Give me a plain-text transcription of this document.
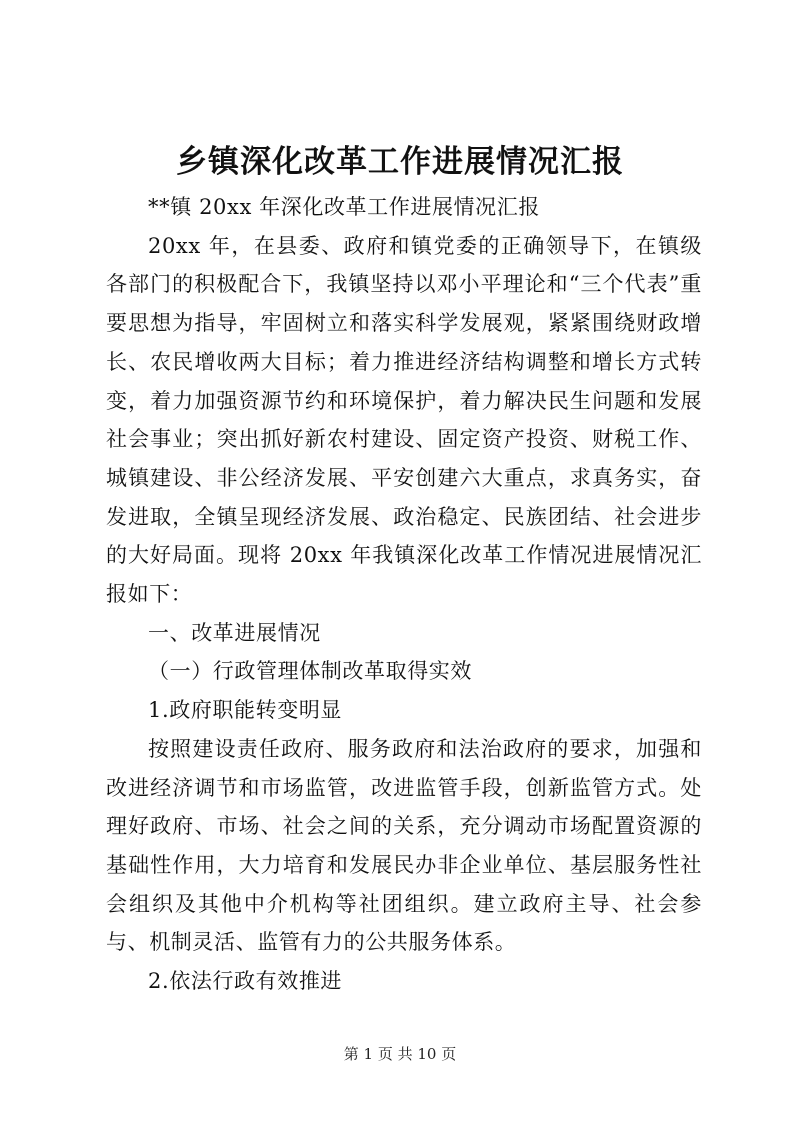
乡镇深化改革工作进展情况汇报

**镇 20xx 年深化改革工作进展情况汇报

20xx 年，在县委、政府和镇党委的正确领导下，在镇级各部门的积极配合下，我镇坚持以邓小平理论和“三个代表”重要思想为指导，牢固树立和落实科学发展观，紧紧围绕财政增长、农民增收两大目标；着力推进经济结构调整和增长方式转变，着力加强资源节约和环境保护，着力解决民生问题和发展社会事业；突出抓好新农村建设、固定资产投资、财税工作、城镇建设、非公经济发展、平安创建六大重点，求真务实，奋发进取，全镇呈现经济发展、政治稳定、民族团结、社会进步的大好局面。现将 20xx 年我镇深化改革工作情况进展情况汇报如下：

一、改革进展情况

（一）行政管理体制改革取得实效

1.政府职能转变明显

按照建设责任政府、服务政府和法治政府的要求，加强和改进经济调节和市场监管，改进监管手段，创新监管方式。处理好政府、市场、社会之间的关系，充分调动市场配置资源的基础性作用，大力培育和发展民办非企业单位、基层服务性社会组织及其他中介机构等社团组织。建立政府主导、社会参与、机制灵活、监管有力的公共服务体系。

2.依法行政有效推进

第 1 页 共 10 页
